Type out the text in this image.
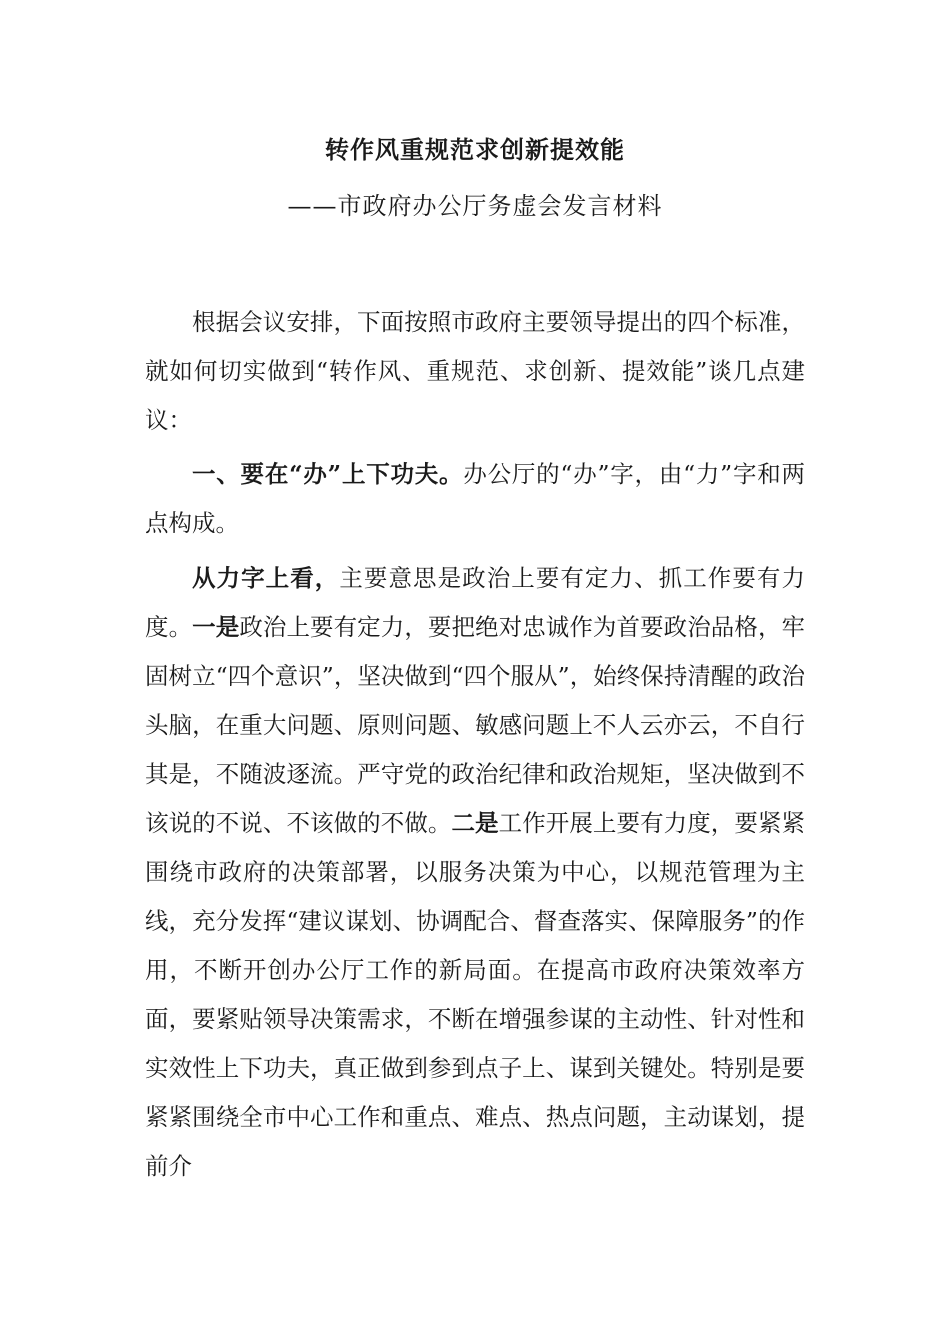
转作风重规范求创新提效能
——市政府办公厅务虚会发言材料

根据会议安排，下面按照市政府主要领导提出的四个标准，就如何切实做到“转作风、重规范、求创新、提效能”谈几点建议：

一、要在“办”上下功夫。办公厅的“办”字，由“力”字和两点构成。

从力字上看，主要意思是政治上要有定力、抓工作要有力度。一是政治上要有定力，要把绝对忠诚作为首要政治品格，牢固树立“四个意识”，坚决做到“四个服从”，始终保持清醒的政治头脑，在重大问题、原则问题、敏感问题上不人云亦云，不自行其是，不随波逐流。严守党的政治纪律和政治规矩，坚决做到不该说的不说、不该做的不做。二是工作开展上要有力度，要紧紧围绕市政府的决策部署，以服务决策为中心，以规范管理为主线，充分发挥“建议谋划、协调配合、督查落实、保障服务”的作用，不断开创办公厅工作的新局面。在提高市政府决策效率方面，要紧贴领导决策需求，不断在增强参谋的主动性、针对性和实效性上下功夫，真正做到参到点子上、谋到关键处。特别是要紧紧围绕全市中心工作和重点、难点、热点问题，主动谋划，提前介
